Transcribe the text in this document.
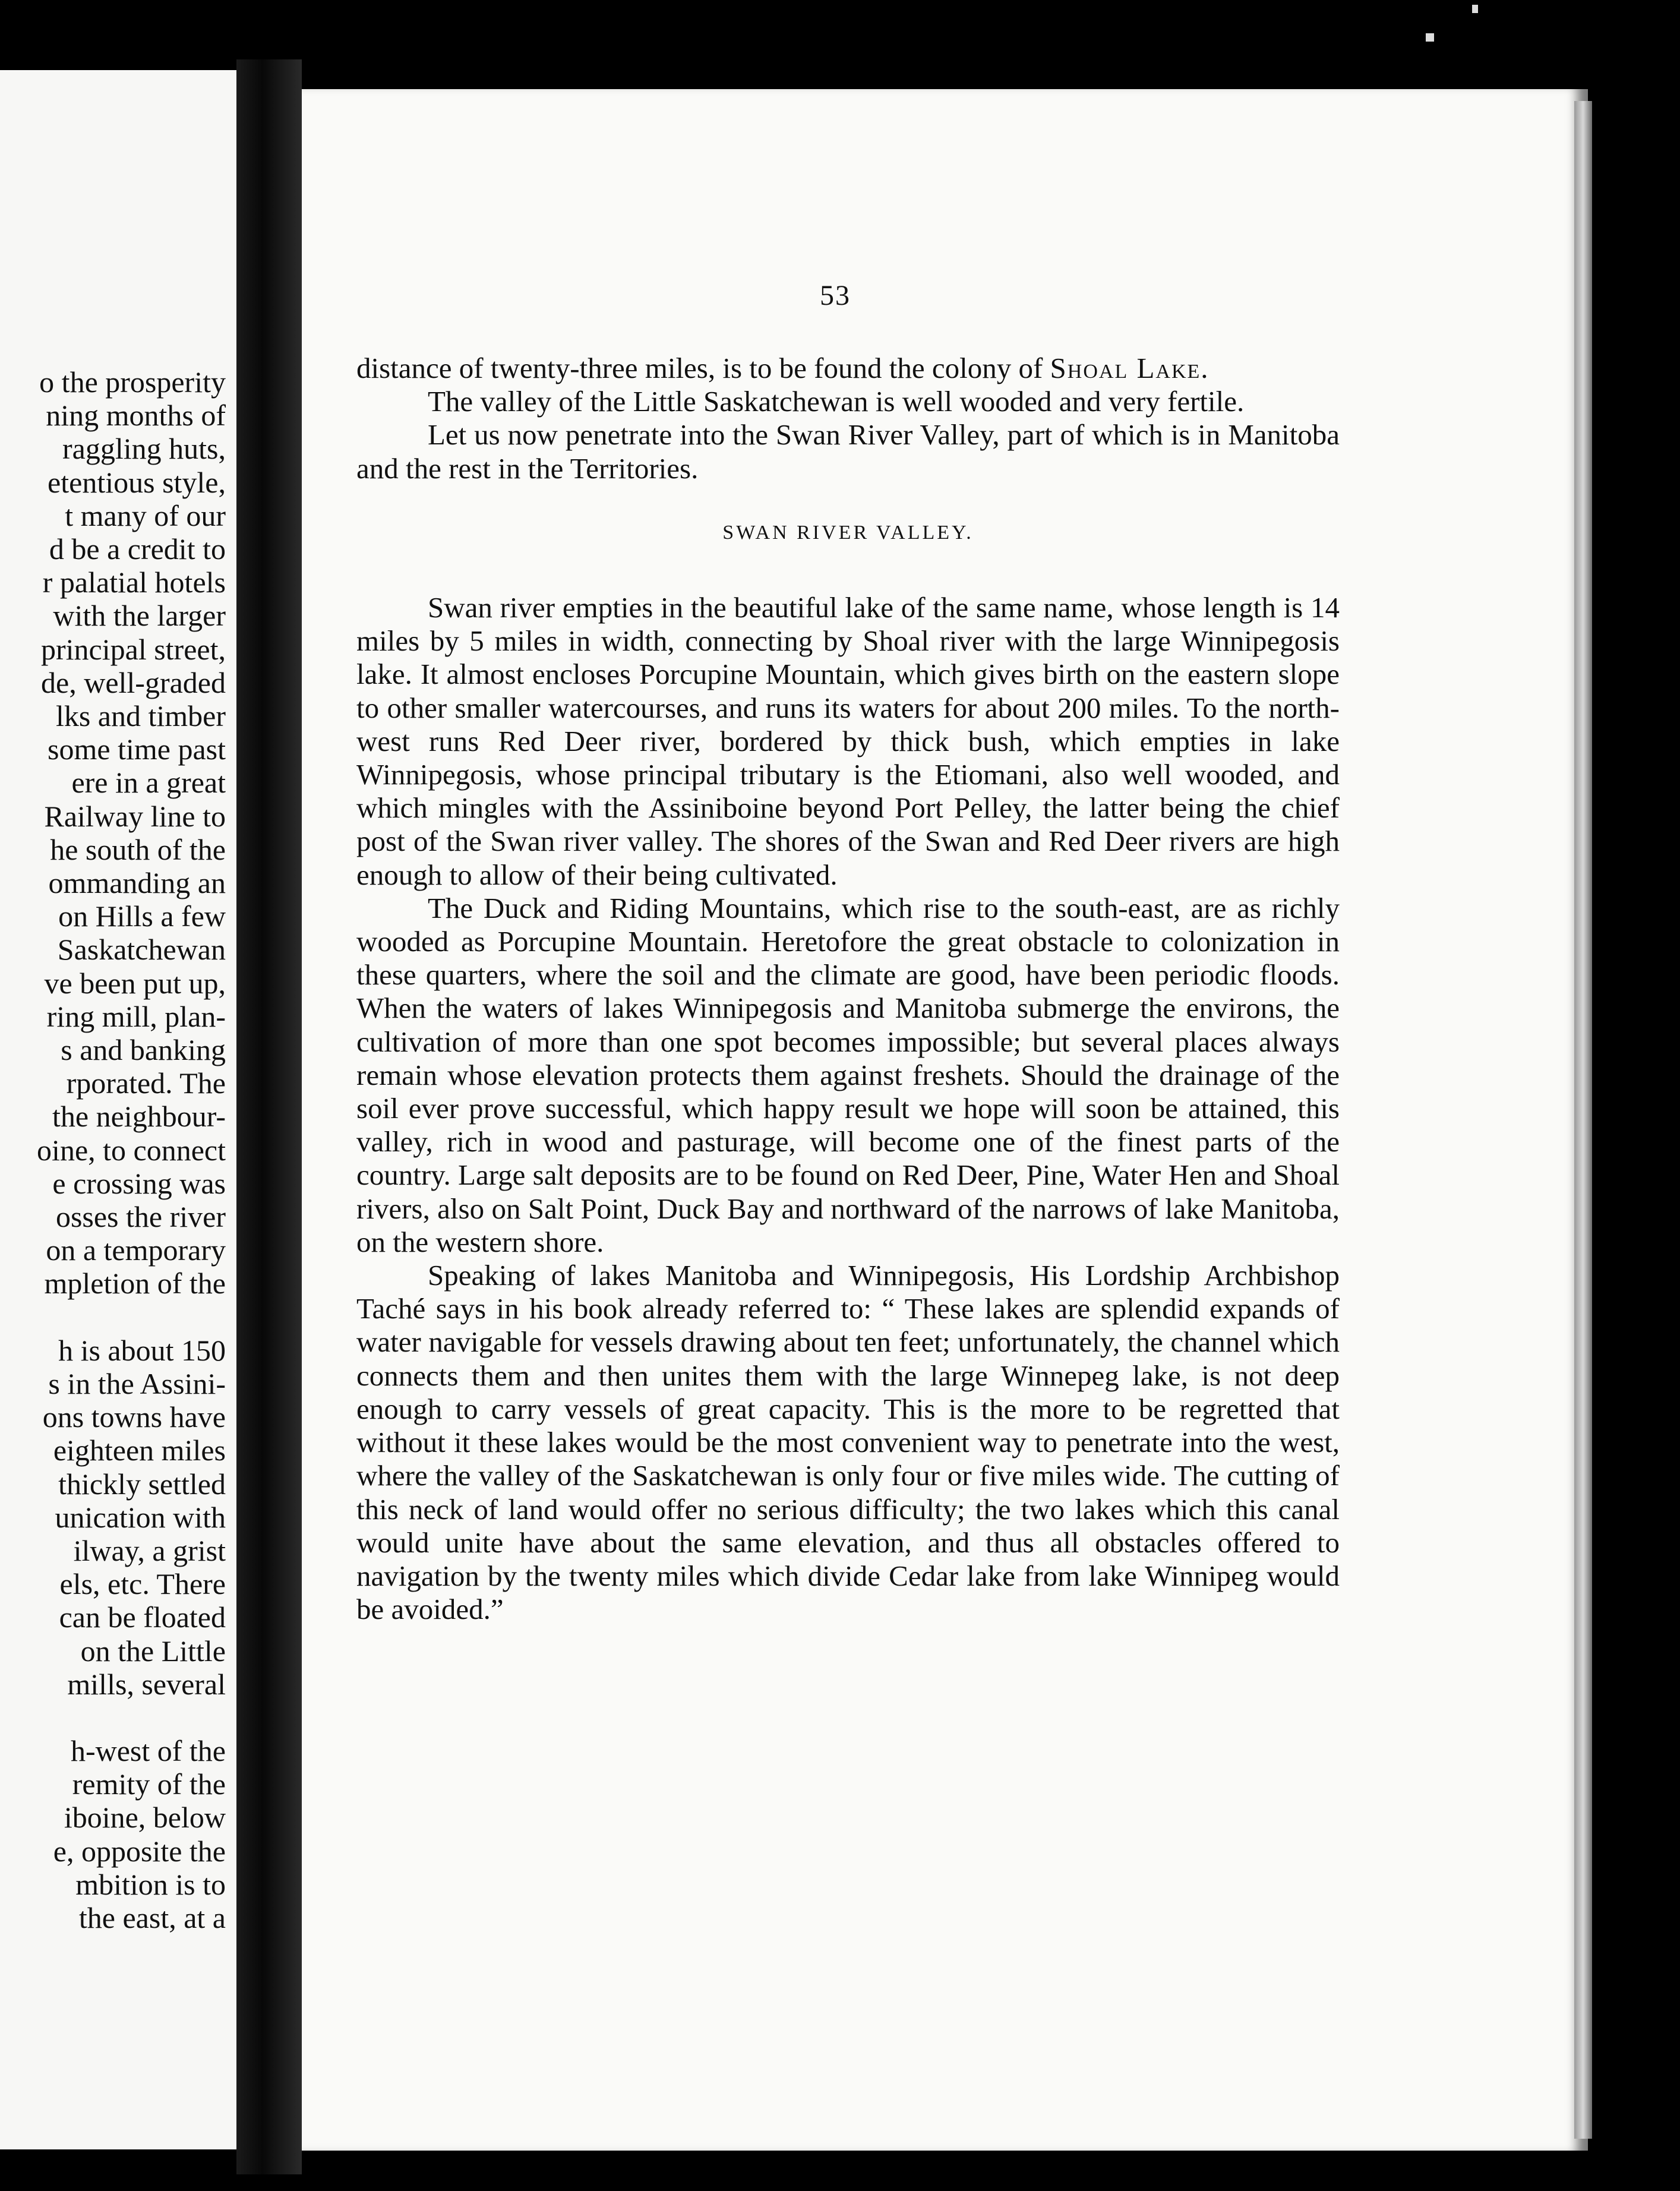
o the prosperity
ning months of
raggling huts,
etentious style,
t many of our
d be a credit to
r palatial hotels
with the larger
principal street,
de, well-graded
lks and timber
some time past
ere in a great
Railway line to
he south of the
ommanding an
on Hills a few
Saskatchewan
ve been put up,
ring mill, plan-
s and banking
rporated. The
the neighbour-
oine, to connect
e crossing was
osses the river
on a temporary
mpletion of the
h is about 150
s in the Assini-
ons towns have
eighteen miles
thickly settled
unication with
ilway, a grist
els, etc. There
can be floated
on the Little
mills, several
h-west of the
remity of the
iboine, below
e, opposite the
mbition is to
the east, at a
53

distance of twenty-three miles, is to be found the colony of Shoal Lake.

The valley of the Little Saskatchewan is well wooded and very fertile.

Let us now penetrate into the Swan River Valley, part of which is in Manitoba and the rest in the Territories.

SWAN RIVER VALLEY.

Swan river empties in the beautiful lake of the same name, whose length is 14 miles by 5 miles in width, connecting by Shoal river with the large Winnipegosis lake. It almost encloses Porcupine Mountain, which gives birth on the eastern slope to other smaller watercourses, and runs its waters for about 200 miles. To the north-west runs Red Deer river, bordered by thick bush, which empties in lake Winnipegosis, whose principal tributary is the Etiomani, also well wooded, and which mingles with the Assiniboine beyond Port Pelley, the latter being the chief post of the Swan river valley. The shores of the Swan and Red Deer rivers are high enough to allow of their being cultivated.

The Duck and Riding Mountains, which rise to the south-east, are as richly wooded as Porcupine Mountain. Heretofore the great obstacle to colonization in these quarters, where the soil and the climate are good, have been periodic floods. When the waters of lakes Winnipegosis and Manitoba submerge the environs, the cultivation of more than one spot becomes impossible; but several places always remain whose elevation protects them against freshets. Should the drainage of the soil ever prove successful, which happy result we hope will soon be attained, this valley, rich in wood and pasturage, will become one of the finest parts of the country. Large salt deposits are to be found on Red Deer, Pine, Water Hen and Shoal rivers, also on Salt Point, Duck Bay and northward of the narrows of lake Manitoba, on the western shore.

Speaking of lakes Manitoba and Winnipegosis, His Lordship Archbishop Taché says in his book already referred to: “ These lakes are splendid expands of water navigable for vessels drawing about ten feet; unfortunately, the channel which connects them and then unites them with the large Winnepeg lake, is not deep enough to carry vessels of great capacity. This is the more to be regretted that without it these lakes would be the most convenient way to penetrate into the west, where the valley of the Saskatchewan is only four or five miles wide. The cutting of this neck of land would offer no serious difficulty; the two lakes which this canal would unite have about the same elevation, and thus all obstacles offered to navigation by the twenty miles which divide Cedar lake from lake Winnipeg would be avoided.”
